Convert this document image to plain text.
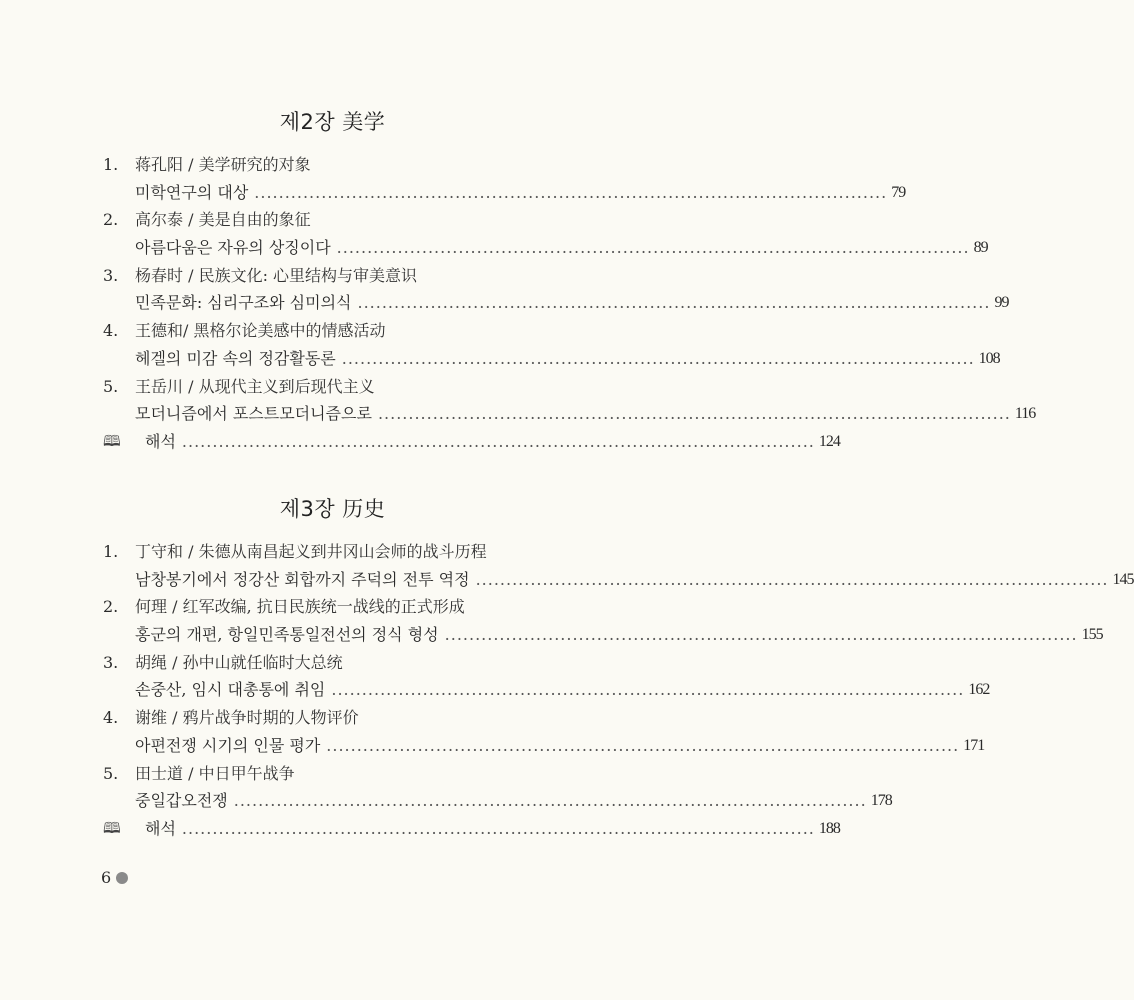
제2장 美学
1.	蒋孔阳 / 美学研究的对象
미학연구의 대상 ........................................................................................................ 79
2.	高尔泰 / 美是自由的象征
아름다움은 자유의 상징이다 ........................................................................................................ 89
3.	杨春时 / 民族文化: 心里结构与审美意识
민족문화: 심리구조와 심미의식 ........................................................................................................ 99
4.	王德和/ 黑格尔论美感中的情感活动
헤겔의 미감 속의 정감활동론 ........................................................................................................ 108
5.	王岳川 / 从现代主义到后现代主义
모더니즘에서 포스트모더니즘으로 ........................................................................................................ 116
🕮	해석 ........................................................................................................ 124
제3장 历史
1.	丁守和 / 朱德从南昌起义到井冈山会师的战斗历程
남창봉기에서 정강산 회합까지 주덕의 전투 역정 ........................................................................................................ 145
2.	何理 / 红军改编, 抗日民族统一战线的正式形成
홍군의 개편, 항일민족통일전선의 정식 형성 ........................................................................................................ 155
3.	胡绳 / 孙中山就任临时大总统
손중산, 임시 대총통에 취임 ........................................................................................................ 162
4.	谢维 / 鸦片战争时期的人物评价
아편전쟁 시기의 인물 평가 ........................................................................................................ 171
5.	田士道 / 中日甲午战争
중일갑오전쟁 ........................................................................................................ 178
🕮	해석 ........................................................................................................ 188
6
